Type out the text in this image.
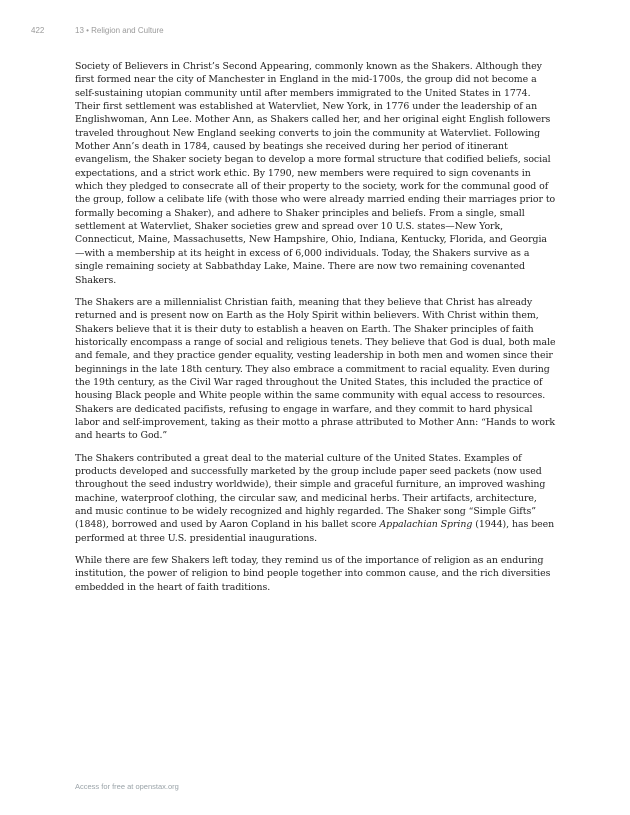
422	13 • Religion and Culture

Society of Believers in Christ’s Second Appearing, commonly known as the Shakers. Although they first formed near the city of Manchester in England in the mid-1700s, the group did not become a self-sustaining utopian community until after members immigrated to the United States in 1774. Their first settlement was established at Watervliet, New York, in 1776 under the leadership of an Englishwoman, Ann Lee. Mother Ann, as Shakers called her, and her original eight English followers traveled throughout New England seeking converts to join the community at Watervliet. Following Mother Ann’s death in 1784, caused by beatings she received during her period of itinerant evangelism, the Shaker society began to develop a more formal structure that codified beliefs, social expectations, and a strict work ethic. By 1790, new members were required to sign covenants in which they pledged to consecrate all of their property to the society, work for the communal good of the group, follow a celibate life (with those who were already married ending their marriages prior to formally becoming a Shaker), and adhere to Shaker principles and beliefs. From a single, small settlement at Watervliet, Shaker societies grew and spread over 10 U.S. states—New York, Connecticut, Maine, Massachusetts, New Hampshire, Ohio, Indiana, Kentucky, Florida, and Georgia—with a membership at its height in excess of 6,000 individuals. Today, the Shakers survive as a single remaining society at Sabbathday Lake, Maine. There are now two remaining covenanted Shakers.

The Shakers are a millennialist Christian faith, meaning that they believe that Christ has already returned and is present now on Earth as the Holy Spirit within believers. With Christ within them, Shakers believe that it is their duty to establish a heaven on Earth. The Shaker principles of faith historically encompass a range of social and religious tenets. They believe that God is dual, both male and female, and they practice gender equality, vesting leadership in both men and women since their beginnings in the late 18th century. They also embrace a commitment to racial equality. Even during the 19th century, as the Civil War raged throughout the United States, this included the practice of housing Black people and White people within the same community with equal access to resources. Shakers are dedicated pacifists, refusing to engage in warfare, and they commit to hard physical labor and self-improvement, taking as their motto a phrase attributed to Mother Ann: “Hands to work and hearts to God.”

The Shakers contributed a great deal to the material culture of the United States. Examples of products developed and successfully marketed by the group include paper seed packets (now used throughout the seed industry worldwide), their simple and graceful furniture, an improved washing machine, waterproof clothing, the circular saw, and medicinal herbs. Their artifacts, architecture, and music continue to be widely recognized and highly regarded. The Shaker song “Simple Gifts” (1848), borrowed and used by Aaron Copland in his ballet score Appalachian Spring (1944), has been performed at three U.S. presidential inaugurations.

While there are few Shakers left today, they remind us of the importance of religion as an enduring institution, the power of religion to bind people together into common cause, and the rich diversities embedded in the heart of faith traditions.

Access for free at openstax.org
